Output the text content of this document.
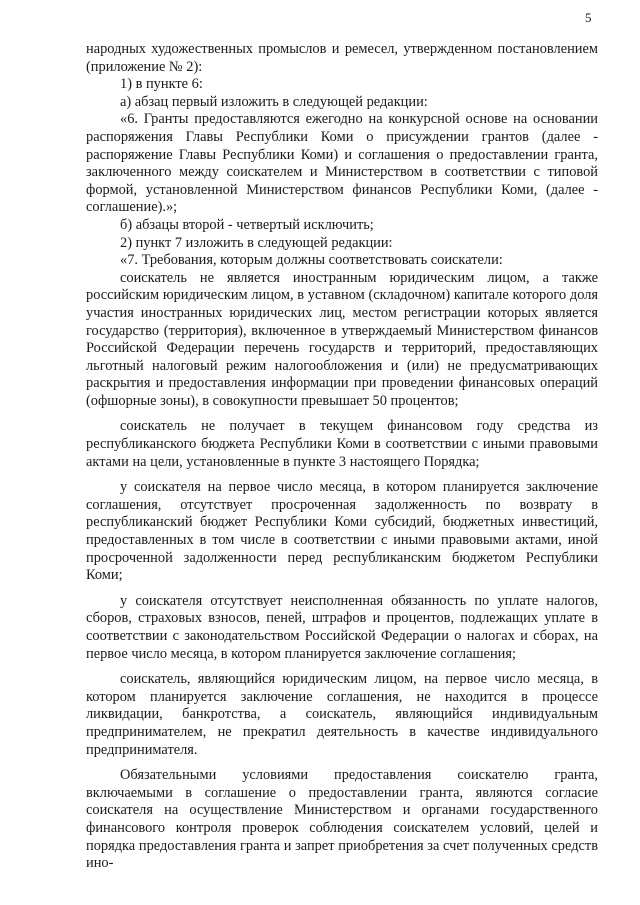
5

народных художественных промыслов и ремесел, утвержденном постановлением (приложение № 2):

1) в пункте 6:

а) абзац первый изложить в следующей редакции:

«6. Гранты предоставляются ежегодно на конкурсной основе на основании распоряжения Главы Республики Коми о присуждении грантов (далее - распоряжение Главы Республики Коми) и соглашения о предоставлении гранта, заключенного между соискателем и Министерством в соответствии с типовой формой, установленной Министерством финансов Республики Коми, (далее - соглашение).»;

б) абзацы второй - четвертый исключить;

2) пункт 7 изложить в следующей редакции:

«7. Требования, которым должны соответствовать соискатели:

соискатель не является иностранным юридическим лицом, а также российским юридическим лицом, в уставном (складочном) капитале которого доля участия иностранных юридических лиц, местом регистрации которых является государство (территория), включенное в утверждаемый Министерством финансов Российской Федерации перечень государств и территорий, предоставляющих льготный налоговый режим налогообложения и (или) не предусматривающих раскрытия и предоставления информации при проведении финансовых операций (офшорные зоны), в совокупности превышает 50 процентов;

соискатель не получает в текущем финансовом году средства из республиканского бюджета Республики Коми в соответствии с иными правовыми актами на цели, установленные в пункте 3 настоящего Порядка;

у соискателя на первое число месяца, в котором планируется заключение соглашения, отсутствует просроченная задолженность по возврату в республиканский бюджет Республики Коми субсидий, бюджетных инвестиций, предоставленных в том числе в соответствии с иными правовыми актами, иной просроченной задолженности перед республиканским бюджетом Республики Коми;

у соискателя отсутствует неисполненная обязанность по уплате налогов, сборов, страховых взносов, пеней, штрафов и процентов, подлежащих уплате в соответствии с законодательством Российской Федерации о налогах и сборах, на первое число месяца, в котором планируется заключение соглашения;

соискатель, являющийся юридическим лицом, на первое число месяца, в котором планируется заключение соглашения, не находится в процессе ликвидации, банкротства, а соискатель, являющийся индивидуальным предпринимателем, не прекратил деятельность в качестве индивидуального предпринимателя.

Обязательными условиями предоставления соискателю гранта, включаемыми в соглашение о предоставлении гранта, являются согласие соискателя на осуществление Министерством и органами государственного финансового контроля проверок соблюдения соискателем условий, целей и порядка предоставления гранта и запрет приобретения за счет полученных средств ино-
